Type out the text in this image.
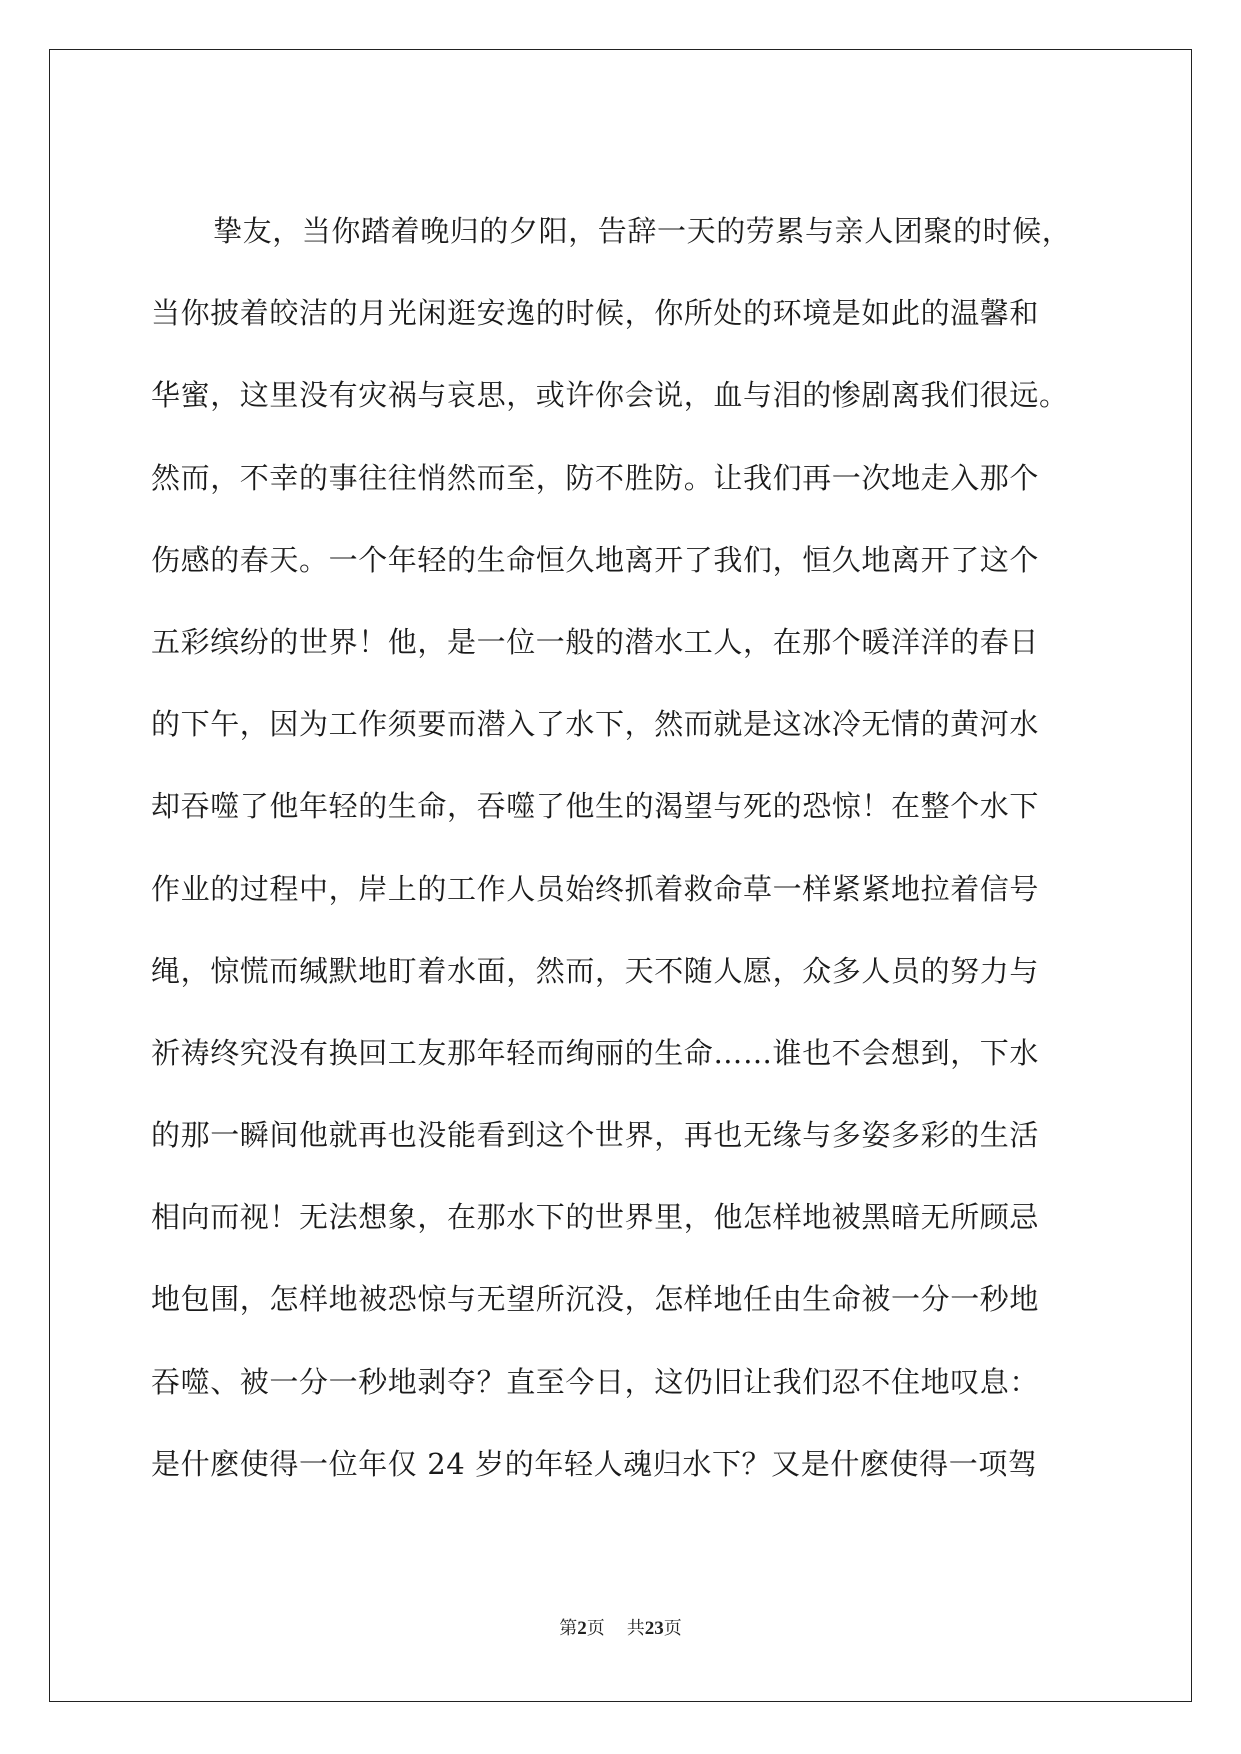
挚友，当你踏着晚归的夕阳，告辞一天的劳累与亲人团聚的时候，
当你披着皎洁的月光闲逛安逸的时候，你所处的环境是如此的温馨和
华蜜，这里没有灾祸与哀思，或许你会说，血与泪的惨剧离我们很远。
然而，不幸的事往往悄然而至，防不胜防。让我们再一次地走入那个
伤感的春天。一个年轻的生命恒久地离开了我们，恒久地离开了这个
五彩缤纷的世界！他，是一位一般的潜水工人，在那个暖洋洋的春日
的下午，因为工作须要而潜入了水下，然而就是这冰冷无情的黄河水
却吞噬了他年轻的生命，吞噬了他生的渴望与死的恐惊！在整个水下
作业的过程中，岸上的工作人员始终抓着救命草一样紧紧地拉着信号
绳，惊慌而缄默地盯着水面，然而，天不随人愿，众多人员的努力与
祈祷终究没有换回工友那年轻而绚丽的生命……谁也不会想到，下水
的那一瞬间他就再也没能看到这个世界，再也无缘与多姿多彩的生活
相向而视！无法想象，在那水下的世界里，他怎样地被黑暗无所顾忌
地包围，怎样地被恐惊与无望所沉没，怎样地任由生命被一分一秒地
吞噬、被一分一秒地剥夺？直至今日，这仍旧让我们忍不住地叹息：
是什麽使得一位年仅 24 岁的年轻人魂归水下？又是什麽使得一项驾
第2页 共23页
